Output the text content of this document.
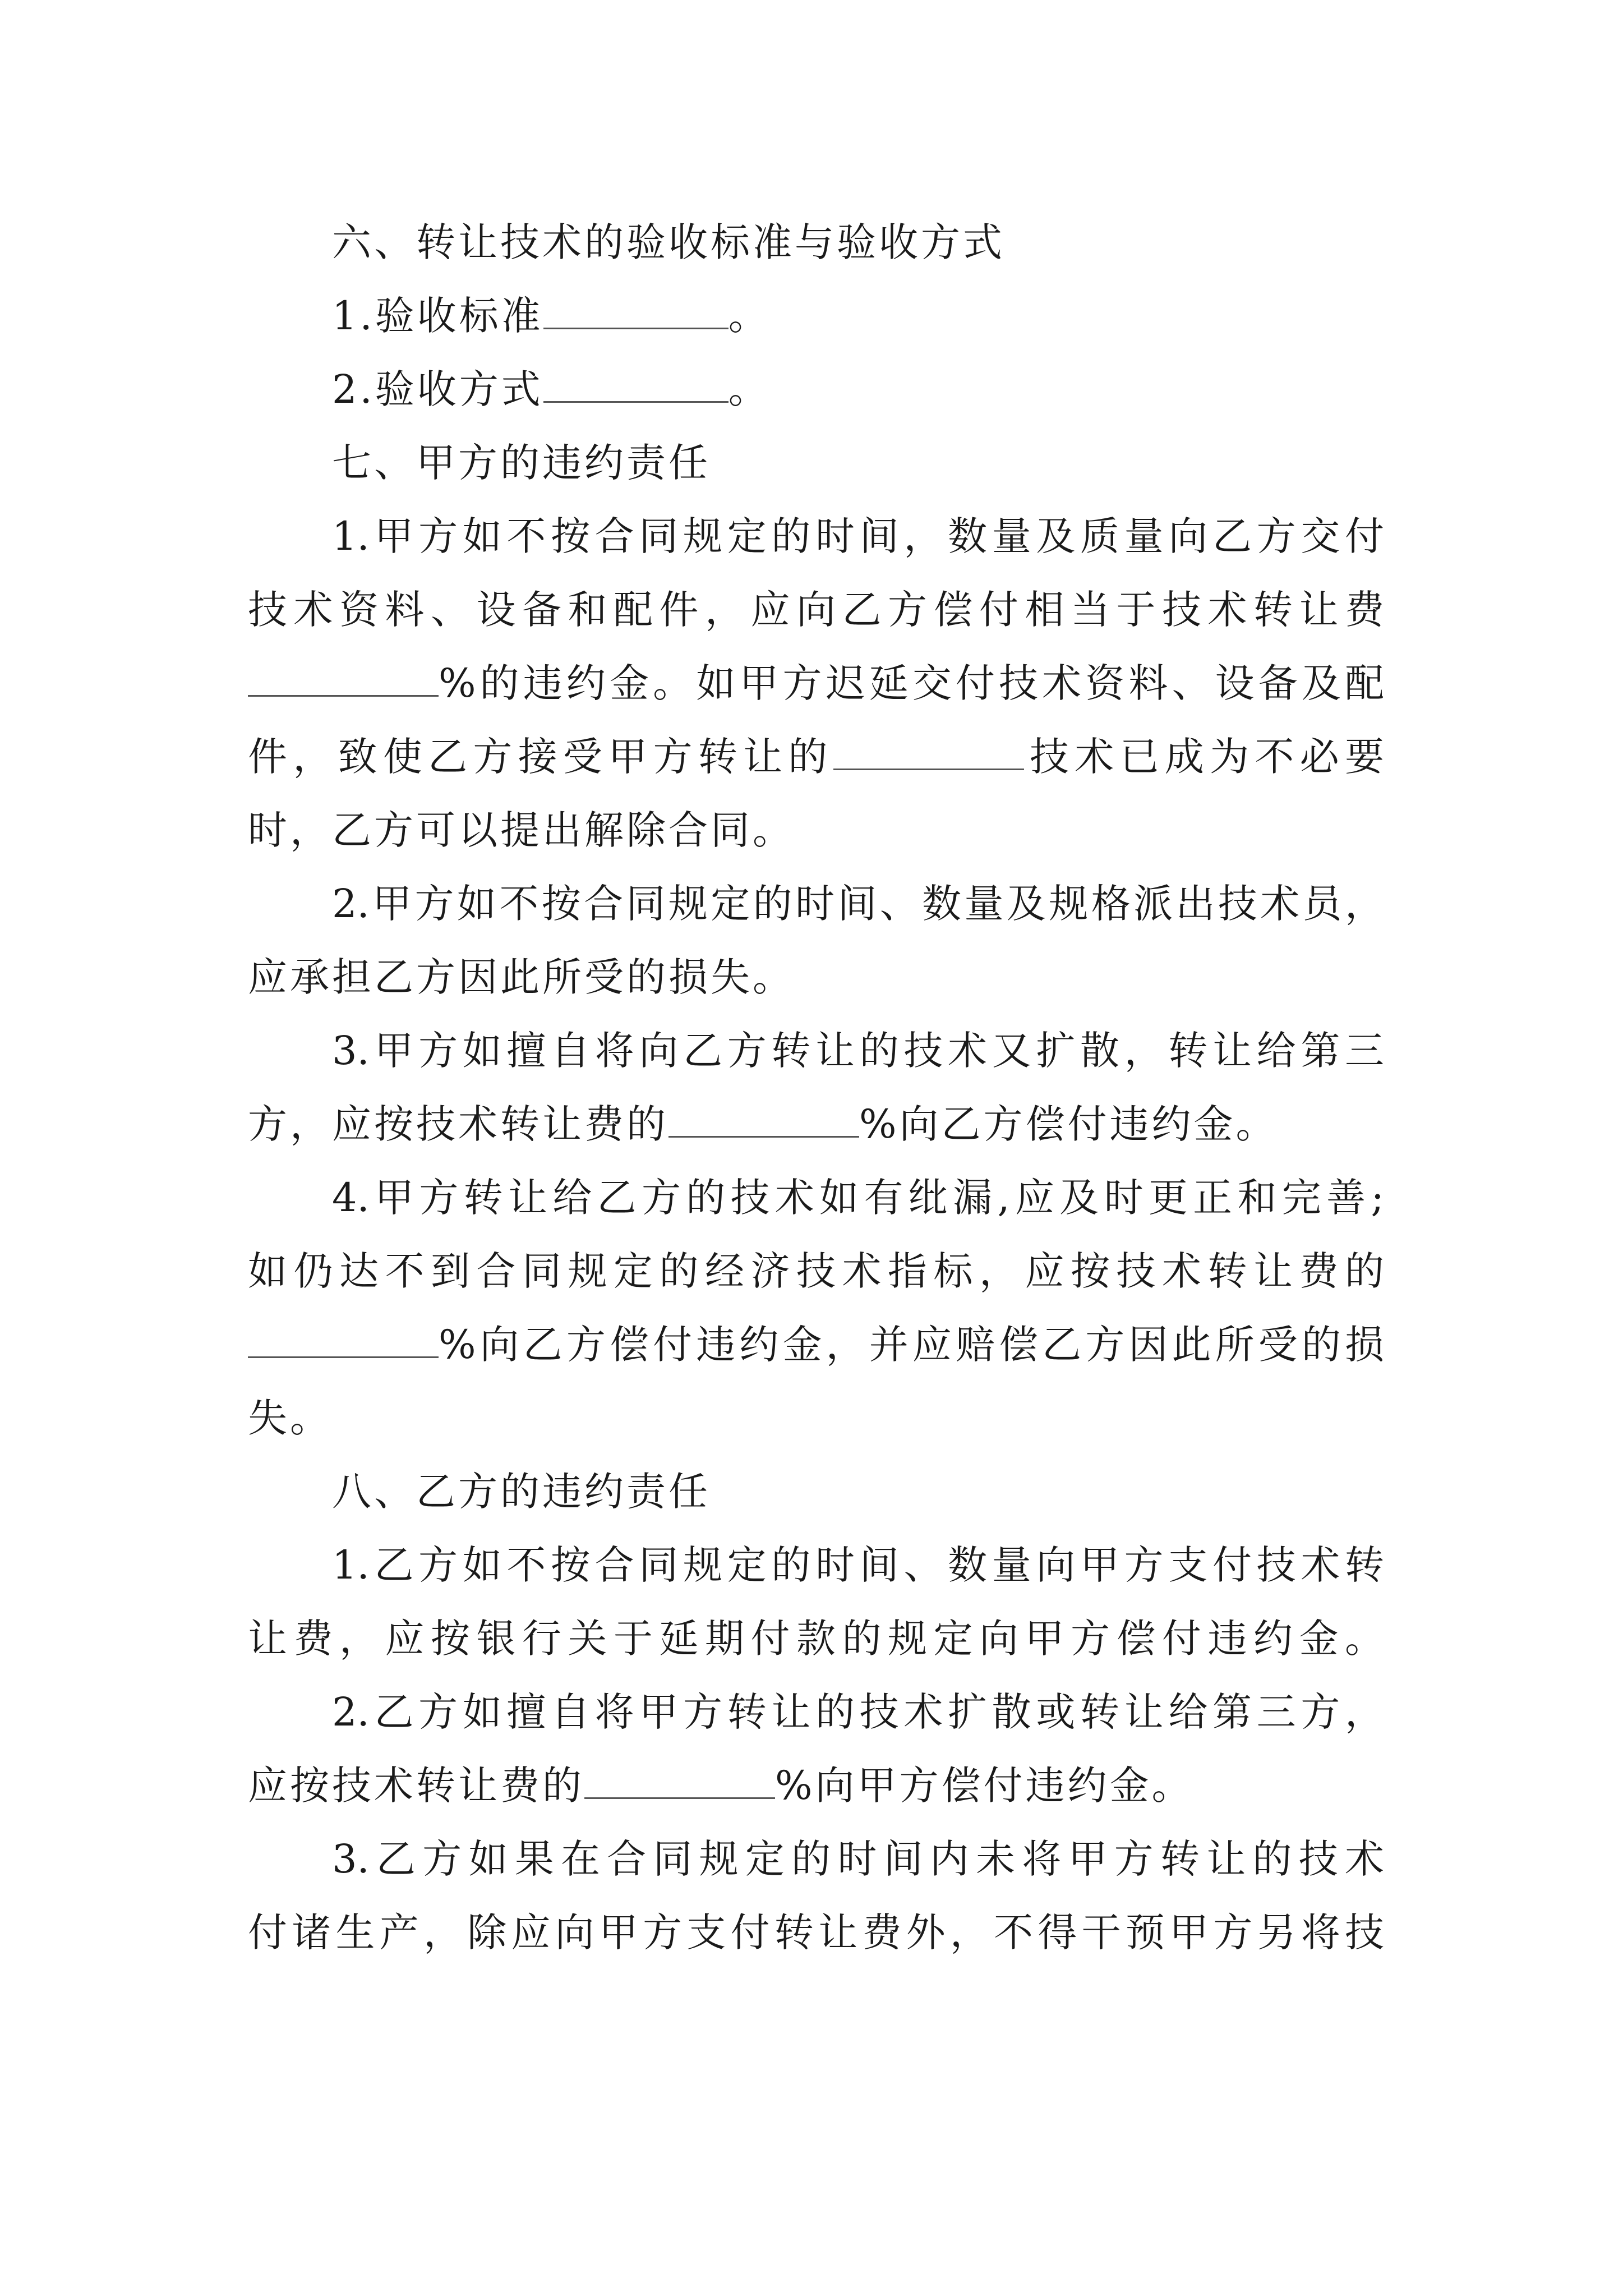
六、转让技术的验收标准与验收方式
1.验收标准	。
2.验收方式	。
七、甲方的违约责任
1.甲方如不按合同规定的时间，数量及质量向乙方交付
技术资料、设备和配件，应向乙方偿付相当于技术转让费
%的违约金。如甲方迟延交付技术资料、设备及配
件，致使乙方接受甲方转让的	技术已成为不必要
时，乙方可以提出解除合同。
2.甲方如不按合同规定的时间、数量及规格派出技术员，
应承担乙方因此所受的损失。
3.甲方如擅自将向乙方转让的技术又扩散，转让给第三
方，应按技术转让费的	%向乙方偿付违约金。
4.甲方转让给乙方的技术如有纰漏,应及时更正和完善;
如仍达不到合同规定的经济技术指标，应按技术转让费的
%向乙方偿付违约金，并应赔偿乙方因此所受的损
失。
八、乙方的违约责任
1.乙方如不按合同规定的时间、数量向甲方支付技术转
让费，应按银行关于延期付款的规定向甲方偿付违约金。
2.乙方如擅自将甲方转让的技术扩散或转让给第三方，
应按技术转让费的	%向甲方偿付违约金。
3.乙方如果在合同规定的时间内未将甲方转让的技术
付诸生产，除应向甲方支付转让费外，不得干预甲方另将技
